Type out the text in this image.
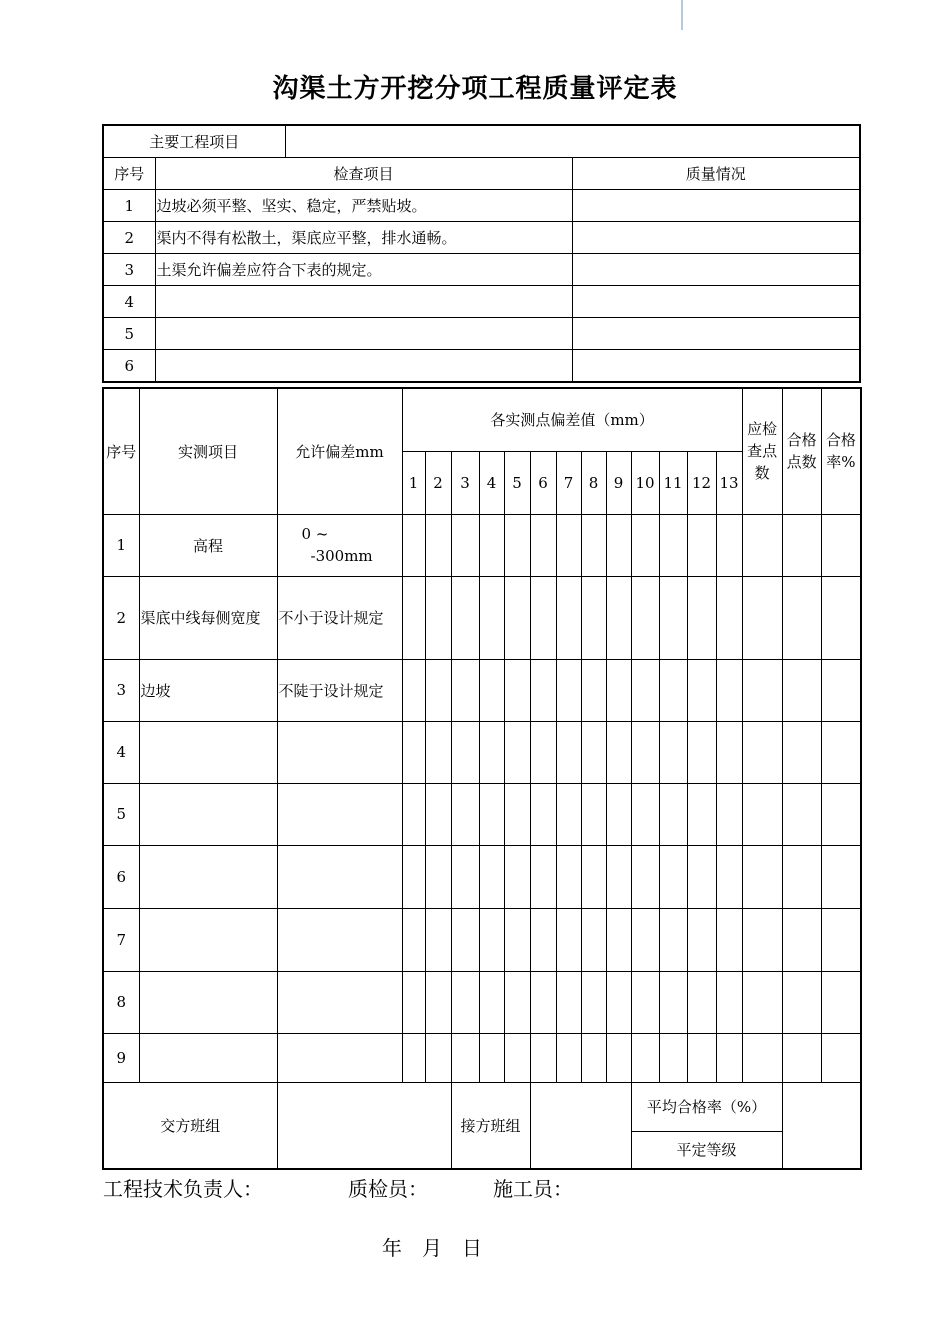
沟渠土方开挖分项工程质量评定表
主要工程项目			
序号	检查项目		质量情况
1	边坡必须平整、坚实、稳定，严禁贴坡。		
2	渠内不得有松散土，渠底应平整，排水通畅。		
3	土渠允许偏差应符合下表的规定。		
4			
5			
6			
序号	实测项目	允许偏差mm	各实测点偏差值（mm）													应检查点数	合格点数	合格率%
			1	2	3	4	5	6	7	8	9	10	11	12	13			
1	高程	0 ~
-300mm																

2	渠底中线每侧宽度	不小于设计规定																
3	边坡	不陡于设计规定																
4																		
5																		
6																		
7																		
8																		
9																		
交方班组					接方班组							平均合格率（%）						
												平定等级						
工程技术负责人：	质检员：	施工员：
年　月　日
